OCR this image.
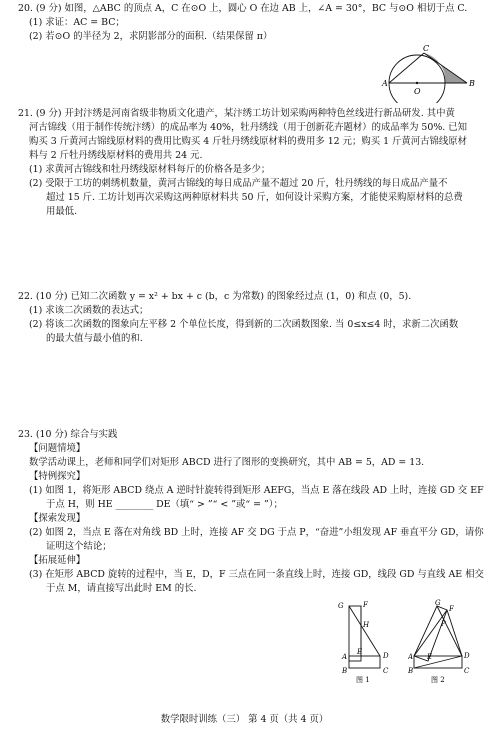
20. (9 分) 如图，△ABC 的顶点 A，C 在⊙O 上，圆心 O 在边 AB 上，∠A = 30°，BC 与⊙O 相切于点 C.
(1) 求证：AC = BC；
(2) 若⊙O 的半径为 2，求阴影部分的面积.（结果保留 π）
A	B
C
O
21. (9 分) 开封汴绣是河南省级非物质文化遗产，某汴绣工坊计划采购两种特色丝线进行新品研发. 其中黄
河古锦线（用于制作传统汴绣）的成品率为 40%，牡丹绣线（用于创新花卉题材）的成品率为 50%. 已知
购买 3 斤黄河古锦线原材料的费用比购买 4 斤牡丹绣线原材料的费用多 12 元；购买 1 斤黄河古锦线原材
料与 2 斤牡丹绣线原材料的费用共 24 元.
(1) 求黄河古锦线和牡丹绣线原材料每斤的价格各是多少；
(2) 受限于工坊的刺绣机数量，黄河古锦线的每日成品产量不超过 20 斤，牡丹绣线的每日成品产量不
超过 15 斤. 工坊计划再次采购这两种原材料共 50 斤，如何设计采购方案，才能使采购原材料的总费
用最低.
22. (10 分) 已知二次函数 y = x² + bx + c (b，c 为常数) 的图象经过点 (1，0) 和点 (0，5).
(1) 求该二次函数的表达式；
(2) 将该二次函数的图象向左平移 2 个单位长度，得到新的二次函数图象. 当 0≤x≤4 时，求新二次函数
的最大值与最小值的和.
23. (10 分) 综合与实践
【问题情境】
数学活动课上，老师和同学们对矩形 ABCD 进行了图形的变换研究，其中 AB = 5，AD = 13.
【特例探究】
(1) 如图 1，将矩形 ABCD 绕点 A 逆时针旋转得到矩形 AEFG，当点 E 落在线段 AD 上时，连接 GD 交 EF
于点 H，则 HE ________ DE（填“ > ”“ < ”或“ = ”）；
【探索发现】
(2) 如图 2，当点 E 落在对角线 BD 上时，连接 AF 交 DG 于点 P，“奋进”小组发现 AF 垂直平分 GD，请你
证明这个结论；
【拓展延伸】
(3) 在矩形 ABCD 旋转的过程中，当 E，D，F 三点在同一条直线上时，连接 GD，线段 GD 与直线 AE 相交
于点 M，请直接写出此时 EM 的长.
G	F
H
A
E	D
B	C
图 1
G
F
P
A E	D
B	C
图 2
数学限时训练（三） 第 4 页（共 4 页）
